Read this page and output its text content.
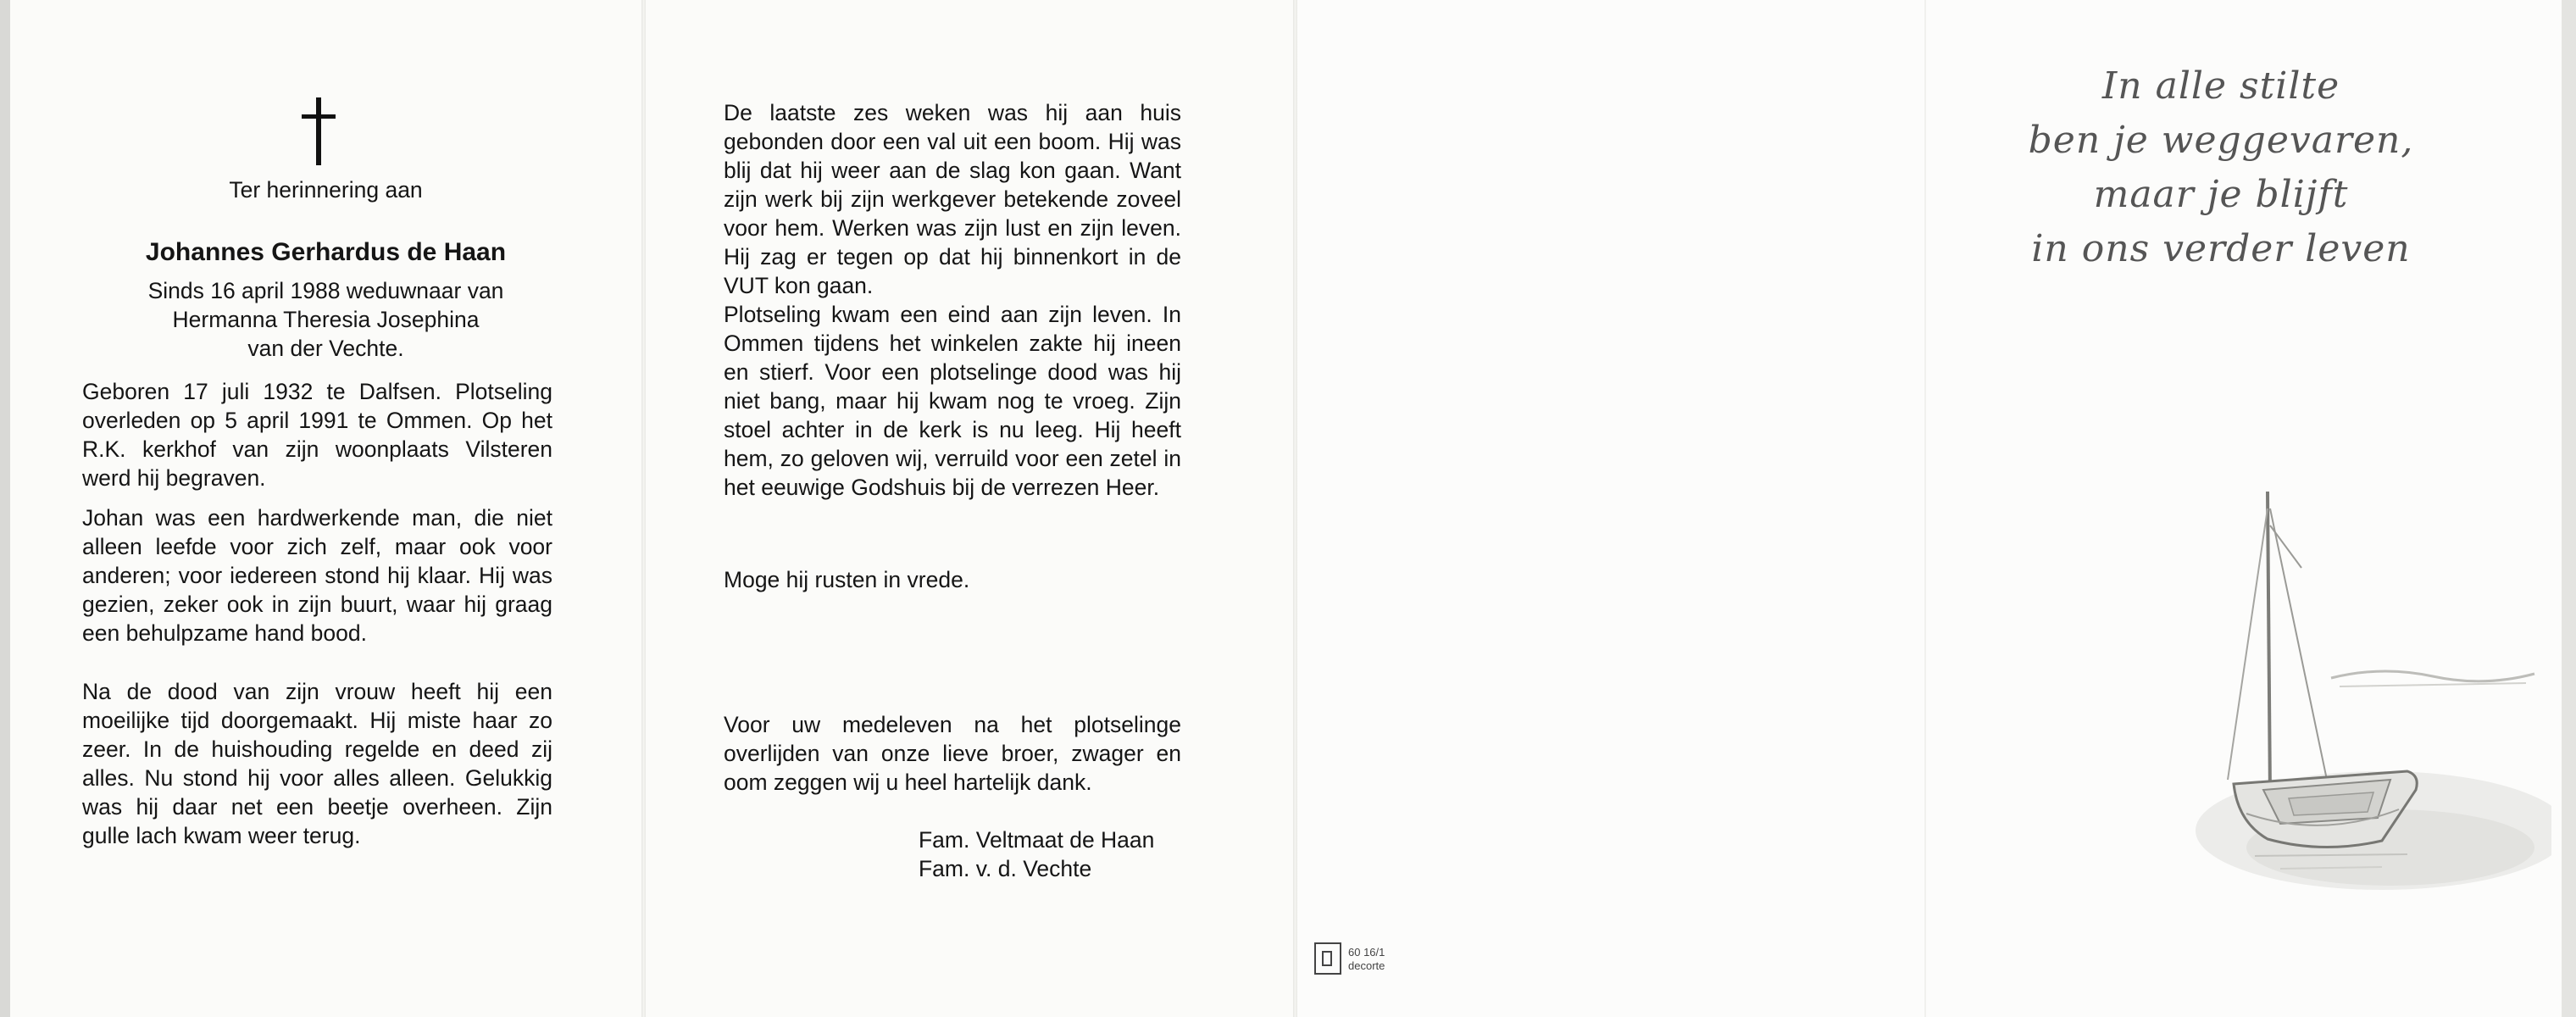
Ter herinnering aan

Johannes Gerhardus de Haan

Sinds 16 april 1988 weduwnaar van

Hermanna Theresia Josephina

van der Vechte.

Geboren 17 juli 1932 te Dalfsen. Plotseling overleden op 5 april 1991 te Ommen. Op het R.K. kerkhof van zijn woonplaats Vilsteren werd hij begraven.

Johan was een hardwerkende man, die niet alleen leefde voor zich zelf, maar ook voor anderen; voor iedereen stond hij klaar. Hij was gezien, zeker ook in zijn buurt, waar hij graag een behulpzame hand bood.

Na de dood van zijn vrouw heeft hij een moeilijke tijd doorgemaakt. Hij miste haar zo zeer. In de huishouding regelde en deed zij alles. Nu stond hij voor alles alleen. Gelukkig was hij daar net een beetje overheen. Zijn gulle lach kwam weer terug.

De laatste zes weken was hij aan huis gebonden door een val uit een boom. Hij was blij dat hij weer aan de slag kon gaan. Want zijn werk bij zijn werkgever betekende zoveel voor hem. Werken was zijn lust en zijn leven. Hij zag er tegen op dat hij binnenkort in de VUT kon gaan.

Plotseling kwam een eind aan zijn leven. In Ommen tijdens het winkelen zakte hij ineen en stierf. Voor een plotselinge dood was hij niet bang, maar hij kwam nog te vroeg. Zijn stoel achter in de kerk is nu leeg. Hij heeft hem, zo geloven wij, verruild voor een zetel in het eeuwige Godshuis bij de verrezen Heer.

Moge hij rusten in vrede.

Voor uw medeleven na het plotselinge overlijden van onze lieve broer, zwager en oom zeggen wij u heel hartelijk dank.

Fam. Veltmaat de Haan

Fam. v. d. Vechte

In alle stilte

ben je weggevaren,

maar je blijft

in ons verder leven

60 16/1

decorte
